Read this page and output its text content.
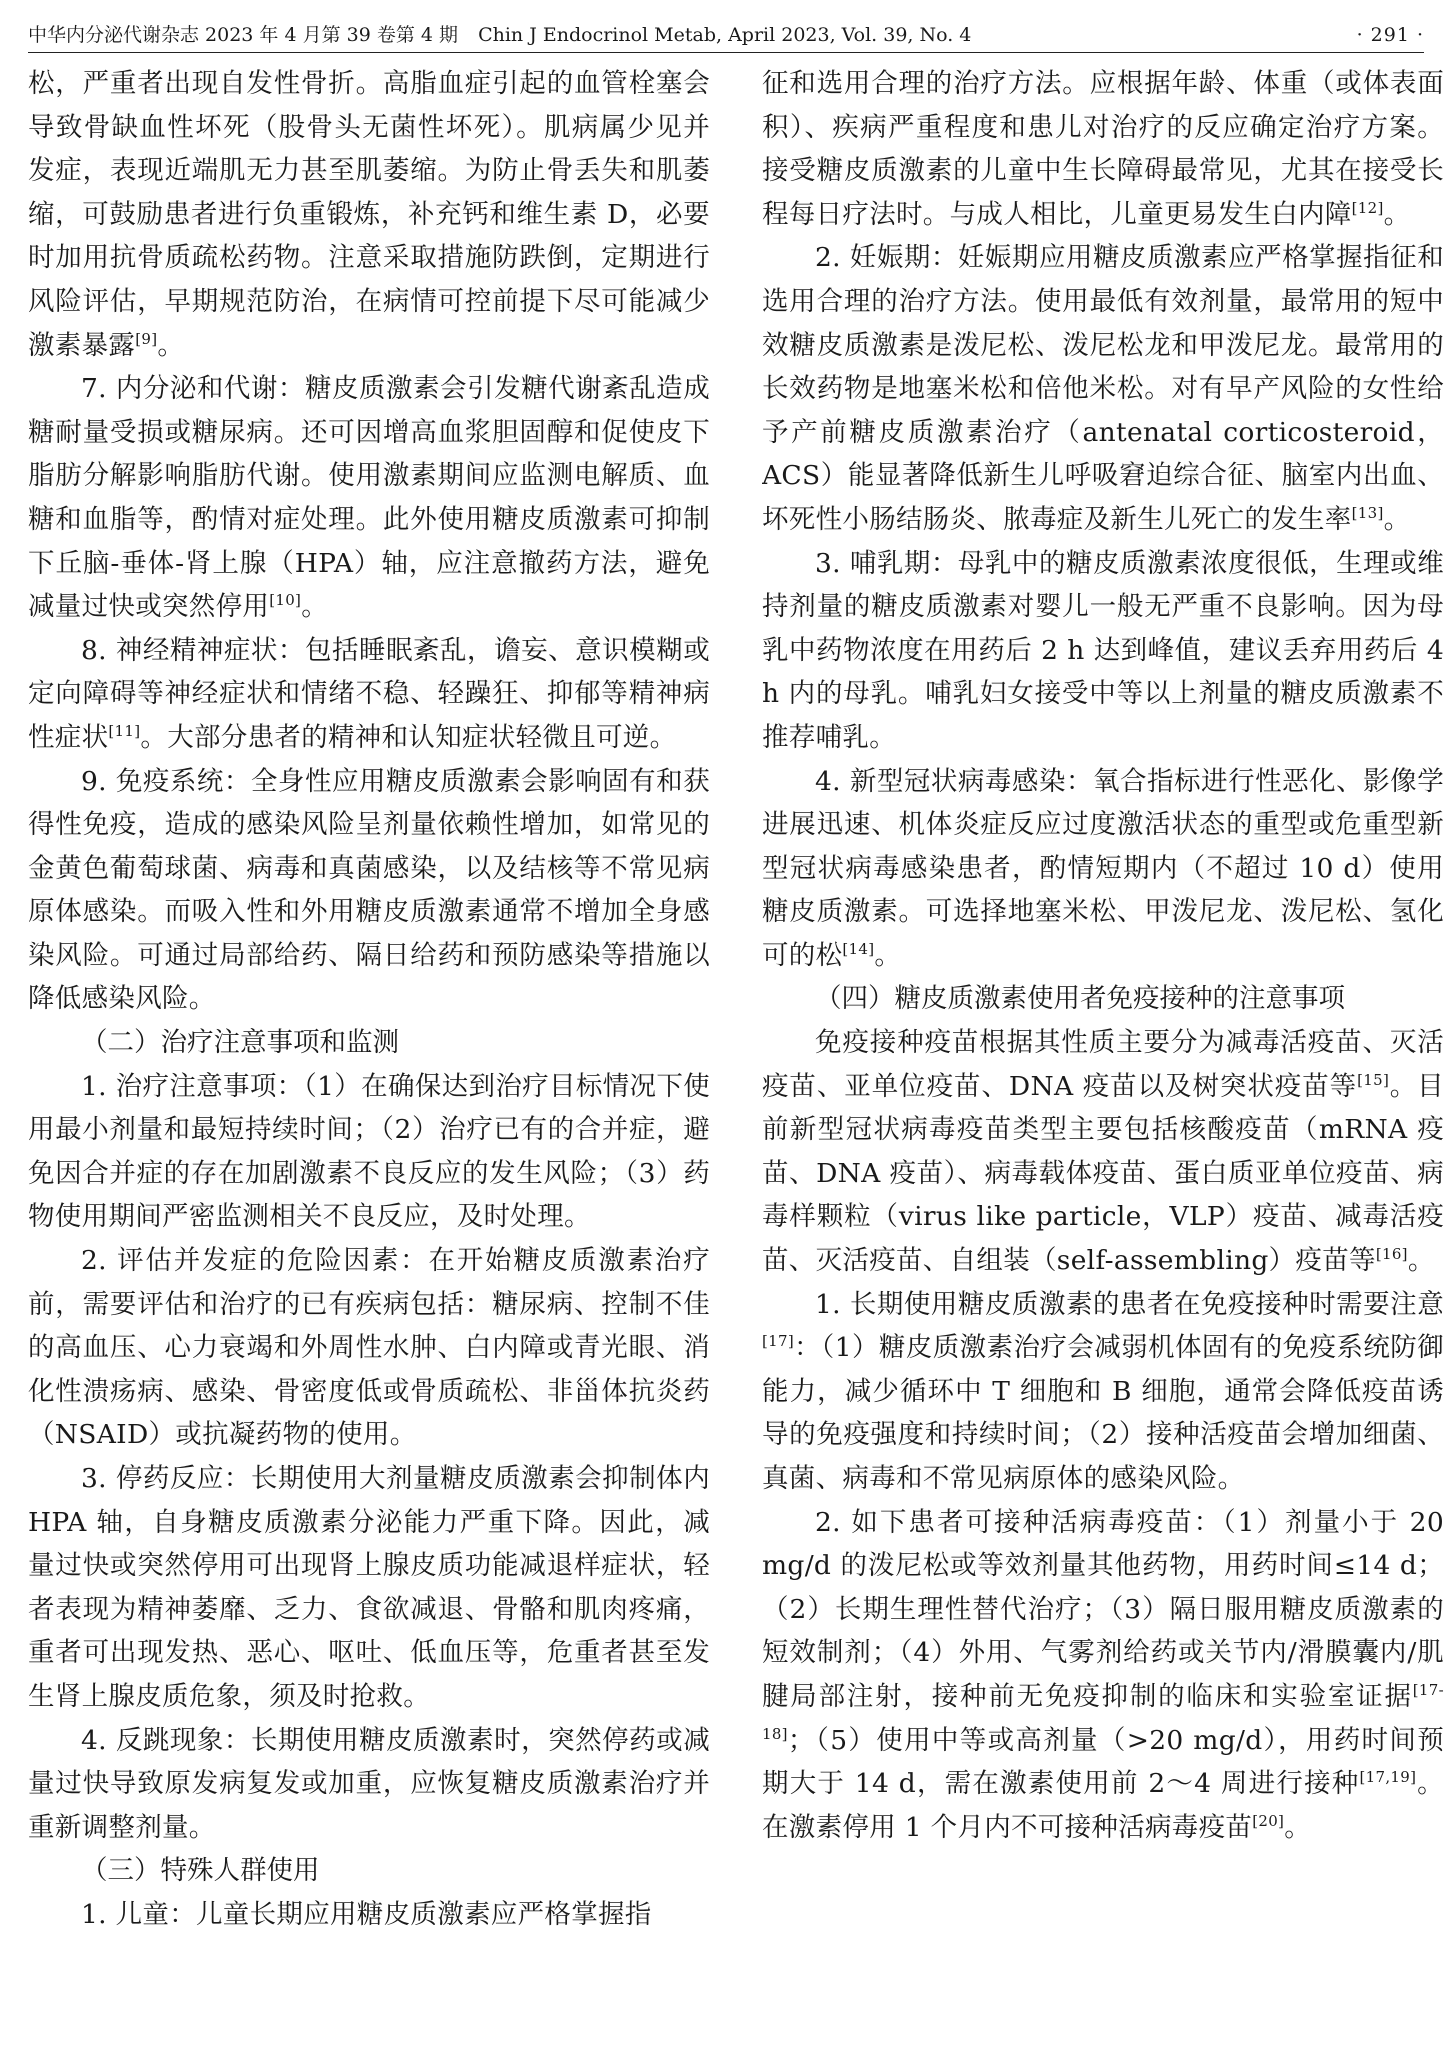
中华内分泌代谢杂志 2023 年 4 月第 39 卷第 4 期 Chin J Endocrinol Metab, April 2023, Vol. 39, No. 4	· 291 ·

松，严重者出现自发性骨折。高脂血症引起的血管栓塞会导致骨缺血性坏死（股骨头无菌性坏死）。肌病属少见并发症，表现近端肌无力甚至肌萎缩。为防止骨丢失和肌萎缩，可鼓励患者进行负重锻炼，补充钙和维生素 D，必要时加用抗骨质疏松药物。注意采取措施防跌倒，定期进行风险评估，早期规范防治，在病情可控前提下尽可能减少激素暴露[9]。

7. 内分泌和代谢：糖皮质激素会引发糖代谢紊乱造成糖耐量受损或糖尿病。还可因增高血浆胆固醇和促使皮下脂肪分解影响脂肪代谢。使用激素期间应监测电解质、血糖和血脂等，酌情对症处理。此外使用糖皮质激素可抑制下丘脑-垂体-肾上腺（HPA）轴，应注意撤药方法，避免减量过快或突然停用[10]。

8. 神经精神症状：包括睡眠紊乱，谵妄、意识模糊或定向障碍等神经症状和情绪不稳、轻躁狂、抑郁等精神病性症状[11]。大部分患者的精神和认知症状轻微且可逆。

9. 免疫系统：全身性应用糖皮质激素会影响固有和获得性免疫，造成的感染风险呈剂量依赖性增加，如常见的金黄色葡萄球菌、病毒和真菌感染，以及结核等不常见病原体感染。而吸入性和外用糖皮质激素通常不增加全身感染风险。可通过局部给药、隔日给药和预防感染等措施以降低感染风险。

（二）治疗注意事项和监测

1. 治疗注意事项：（1）在确保达到治疗目标情况下使用最小剂量和最短持续时间；（2）治疗已有的合并症，避免因合并症的存在加剧激素不良反应的发生风险；（3）药物使用期间严密监测相关不良反应，及时处理。

2. 评估并发症的危险因素：在开始糖皮质激素治疗前，需要评估和治疗的已有疾病包括：糖尿病、控制不佳的高血压、心力衰竭和外周性水肿、白内障或青光眼、消化性溃疡病、感染、骨密度低或骨质疏松、非甾体抗炎药（NSAID）或抗凝药物的使用。

3. 停药反应：长期使用大剂量糖皮质激素会抑制体内 HPA 轴，自身糖皮质激素分泌能力严重下降。因此，减量过快或突然停用可出现肾上腺皮质功能减退样症状，轻者表现为精神萎靡、乏力、食欲减退、骨骼和肌肉疼痛，重者可出现发热、恶心、呕吐、低血压等，危重者甚至发生肾上腺皮质危象，须及时抢救。

4. 反跳现象：长期使用糖皮质激素时，突然停药或减量过快导致原发病复发或加重，应恢复糖皮质激素治疗并重新调整剂量。

（三）特殊人群使用

1. 儿童：儿童长期应用糖皮质激素应严格掌握指

征和选用合理的治疗方法。应根据年龄、体重（或体表面积）、疾病严重程度和患儿对治疗的反应确定治疗方案。接受糖皮质激素的儿童中生长障碍最常见，尤其在接受长程每日疗法时。与成人相比，儿童更易发生白内障[12]。

2. 妊娠期：妊娠期应用糖皮质激素应严格掌握指征和选用合理的治疗方法。使用最低有效剂量，最常用的短中效糖皮质激素是泼尼松、泼尼松龙和甲泼尼龙。最常用的长效药物是地塞米松和倍他米松。对有早产风险的女性给予产前糖皮质激素治疗（antenatal corticosteroid，ACS）能显著降低新生儿呼吸窘迫综合征、脑室内出血、坏死性小肠结肠炎、脓毒症及新生儿死亡的发生率[13]。

3. 哺乳期：母乳中的糖皮质激素浓度很低，生理或维持剂量的糖皮质激素对婴儿一般无严重不良影响。因为母乳中药物浓度在用药后 2 h 达到峰值，建议丢弃用药后 4 h 内的母乳。哺乳妇女接受中等以上剂量的糖皮质激素不推荐哺乳。

4. 新型冠状病毒感染：氧合指标进行性恶化、影像学进展迅速、机体炎症反应过度激活状态的重型或危重型新型冠状病毒感染患者，酌情短期内（不超过 10 d）使用糖皮质激素。可选择地塞米松、甲泼尼龙、泼尼松、氢化可的松[14]。

（四）糖皮质激素使用者免疫接种的注意事项

免疫接种疫苗根据其性质主要分为减毒活疫苗、灭活疫苗、亚单位疫苗、DNA 疫苗以及树突状疫苗等[15]。目前新型冠状病毒疫苗类型主要包括核酸疫苗（mRNA 疫苗、DNA 疫苗）、病毒载体疫苗、蛋白质亚单位疫苗、病毒样颗粒（virus like particle，VLP）疫苗、减毒活疫苗、灭活疫苗、自组装（self-assembling）疫苗等[16]。

1. 长期使用糖皮质激素的患者在免疫接种时需要注意[17]：（1）糖皮质激素治疗会减弱机体固有的免疫系统防御能力，减少循环中 T 细胞和 B 细胞，通常会降低疫苗诱导的免疫强度和持续时间；（2）接种活疫苗会增加细菌、真菌、病毒和不常见病原体的感染风险。

2. 如下患者可接种活病毒疫苗：（1）剂量小于 20 mg/d 的泼尼松或等效剂量其他药物，用药时间≤14 d；（2）长期生理性替代治疗；（3）隔日服用糖皮质激素的短效制剂；（4）外用、气雾剂给药或关节内/滑膜囊内/肌腱局部注射，接种前无免疫抑制的临床和实验室证据[17-18]；（5）使用中等或高剂量（>20 mg/d），用药时间预期大于 14 d，需在激素使用前 2～4 周进行接种[17,19]。在激素停用 1 个月内不可接种活病毒疫苗[20]。
